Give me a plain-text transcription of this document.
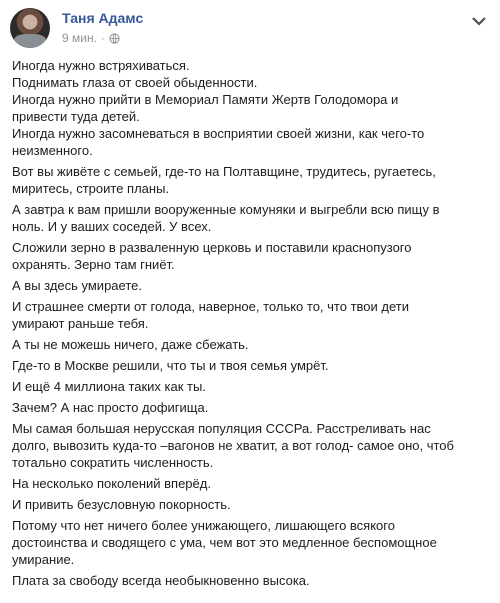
Таня Адамс
9 мин. ·

Иногда нужно встряхиваться.
Поднимать глаза от своей обыденности.
Иногда нужно прийти в Мемориал Памяти Жертв Голодомора и
привести туда детей.
Иногда нужно засомневаться в восприятии своей жизни, как чего-то
неизменного.

Вот вы живёте с семьей, где-то на Полтавщине, трудитесь, ругаетесь,
миритесь, строите планы.

А завтра к вам пришли вооруженные комуняки и выгребли всю пищу в
ноль. И у ваших соседей. У всех.

Сложили зерно в разваленную церковь и поставили краснопузого
охранять. Зерно там гниёт.

А вы здесь умираете.

И страшнее смерти от голода, наверное, только то, что твои дети
умирают раньше тебя.

А ты не можешь ничего, даже сбежать.

Где-то в Москве решили, что ты и твоя семья умрёт.

И ещё 4 миллиона таких как ты.

Зачем? А нас просто дофигища.

Мы самая большая нерусская популяция СССРа. Расстреливать нас
долго, вывозить куда-то –вагонов не хватит, а вот голод- самое оно, чтоб
тотально сократить численность.

На несколько поколений вперёд.

И привить безусловную покорность.

Потому что нет ничего более унижающего, лишающего всякого
достоинства и сводящего с ума, чем вот это медленное беспомощное
умирание.

Плата за свободу всегда необыкновенно высока.
